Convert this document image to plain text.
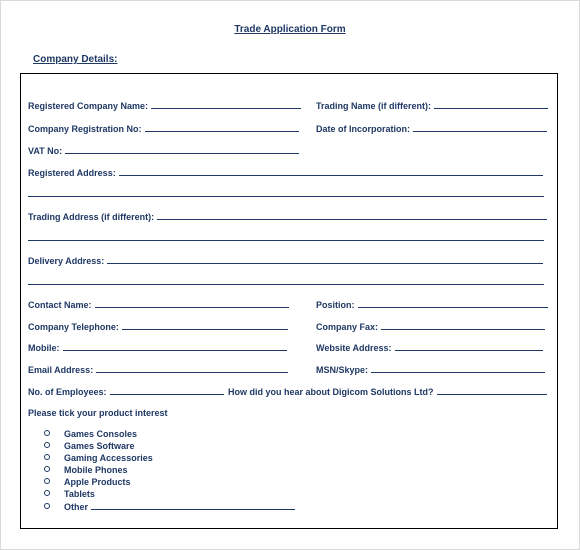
Trade Application Form
Company Details:
Registered Company Name:	Trading Name (if different):
Company Registration No:	Date of Incorporation:
VAT No:
Registered Address:
Trading Address (if different):
Delivery Address:
Contact Name:	Position:
Company Telephone:	Company Fax:
Mobile:	Website Address:
Email Address:	MSN/Skype:
No. of Employees:	How did you hear about Digicom Solutions Ltd?
Please tick your product interest
Games Consoles
Games Software
Gaming Accessories
Mobile Phones
Apple Products
Tablets
Other
